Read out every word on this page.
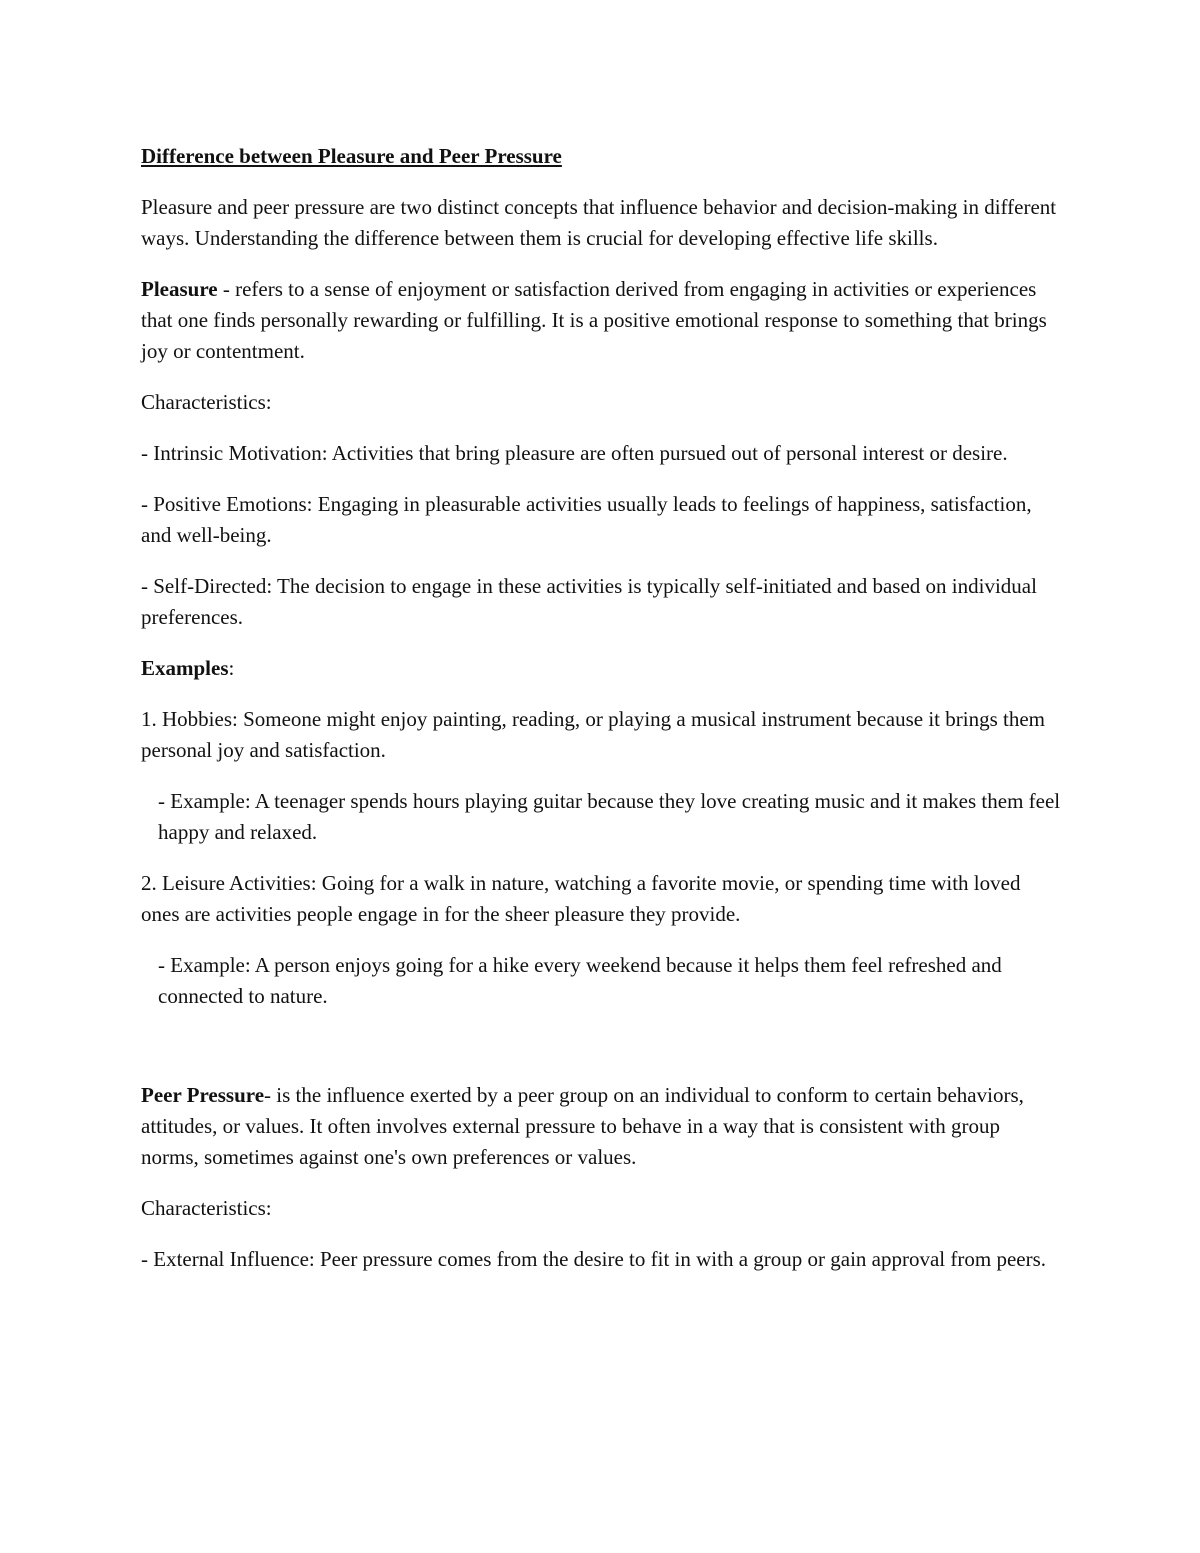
Difference between Pleasure and Peer Pressure

Pleasure and peer pressure are two distinct concepts that influence behavior and decision-making in different ways. Understanding the difference between them is crucial for developing effective life skills.

Pleasure - refers to a sense of enjoyment or satisfaction derived from engaging in activities or experiences that one finds personally rewarding or fulfilling. It is a positive emotional response to something that brings joy or contentment.

Characteristics:

- Intrinsic Motivation: Activities that bring pleasure are often pursued out of personal interest or desire.

- Positive Emotions: Engaging in pleasurable activities usually leads to feelings of happiness, satisfaction, and well-being.

- Self-Directed: The decision to engage in these activities is typically self-initiated and based on individual preferences.

Examples:

1. Hobbies: Someone might enjoy painting, reading, or playing a musical instrument because it brings them personal joy and satisfaction.

- Example: A teenager spends hours playing guitar because they love creating music and it makes them feel happy and relaxed.

2. Leisure Activities: Going for a walk in nature, watching a favorite movie, or spending time with loved ones are activities people engage in for the sheer pleasure they provide.

- Example: A person enjoys going for a hike every weekend because it helps them feel refreshed and connected to nature.

Peer Pressure- is the influence exerted by a peer group on an individual to conform to certain behaviors, attitudes, or values. It often involves external pressure to behave in a way that is consistent with group norms, sometimes against one's own preferences or values.

Characteristics:

- External Influence: Peer pressure comes from the desire to fit in with a group or gain approval from peers.
